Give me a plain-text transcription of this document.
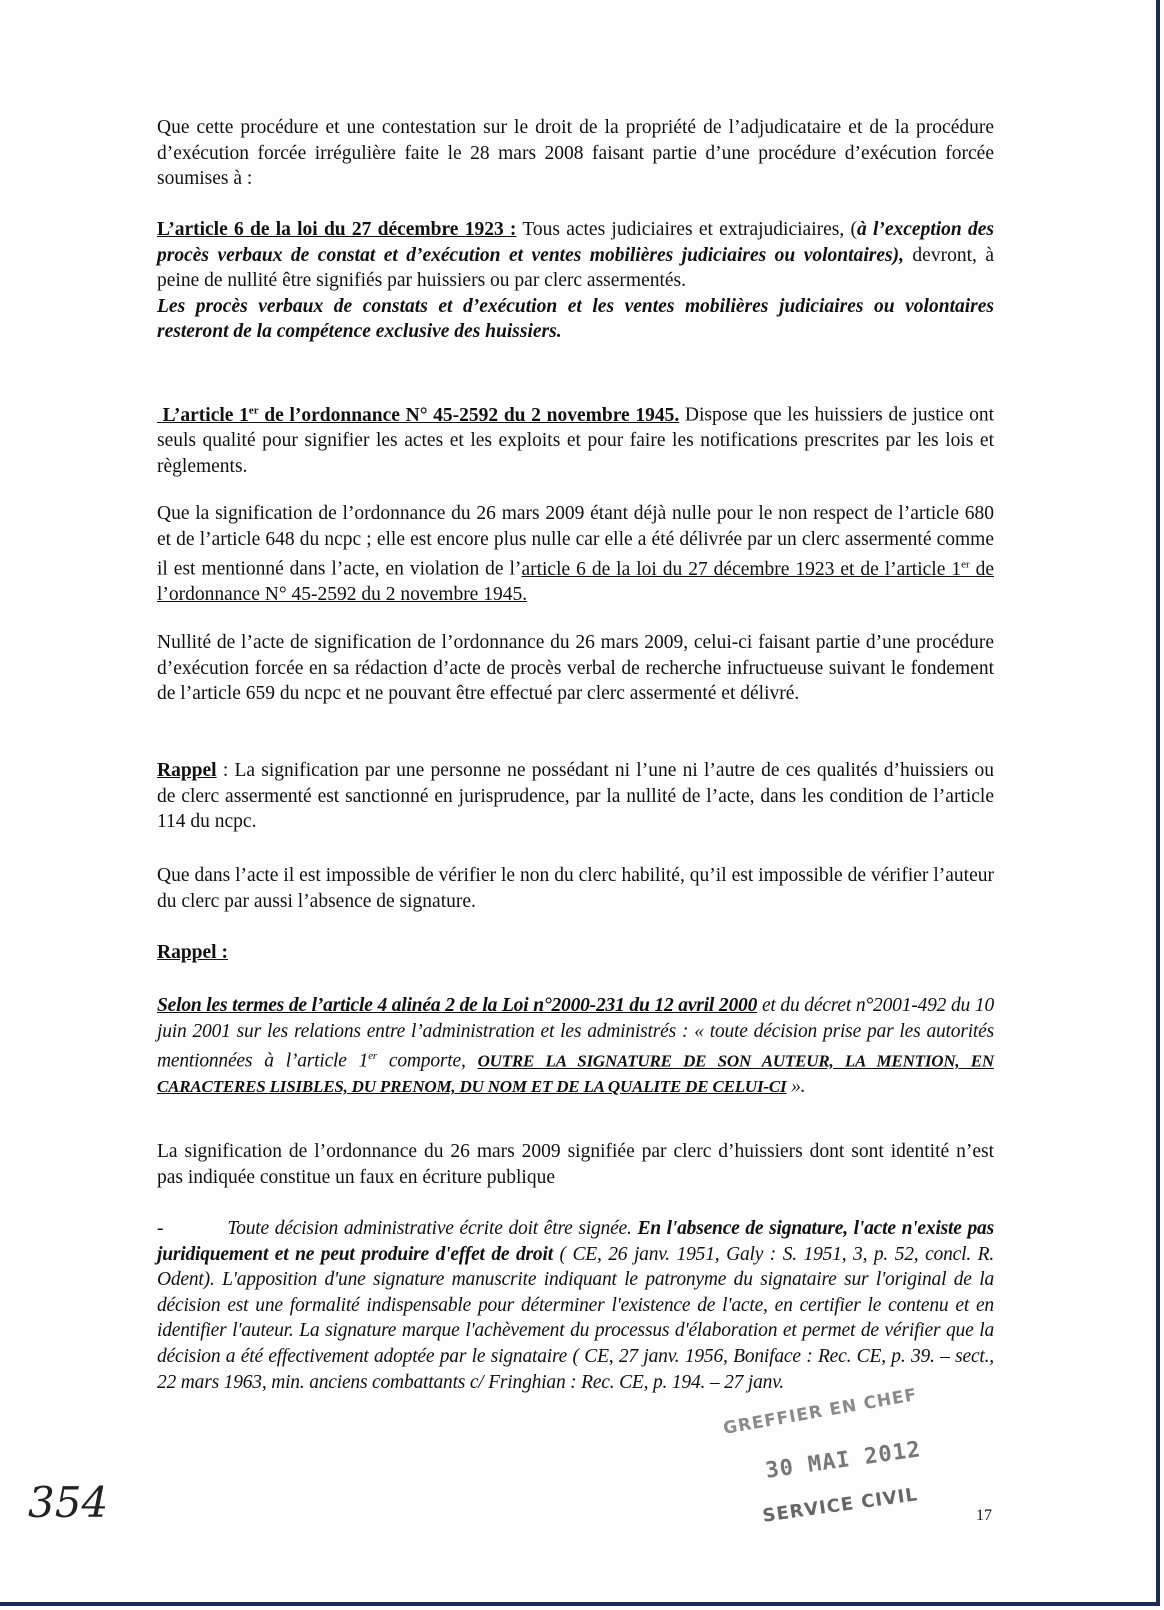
Que cette procédure et une contestation sur le droit de la propriété de l’adjudicataire et de la procédure d’exécution forcée irrégulière faite le 28 mars 2008 faisant partie d’une procédure d’exécution forcée soumises à :
L’article 6 de la loi du 27 décembre 1923 : Tous actes judiciaires et extrajudiciaires, (à l’exception des procès verbaux de constat et d’exécution et ventes mobilières judiciaires ou volontaires), devront, à peine de nullité être signifiés par huissiers ou par clerc assermentés.
Les procès verbaux de constats et d’exécution et les ventes mobilières judiciaires ou volontaires resteront de la compétence exclusive des huissiers.
L’article 1er de l’ordonnance N° 45-2592 du 2 novembre 1945. Dispose que les huissiers de justice ont seuls qualité pour signifier les actes et les exploits et pour faire les notifications prescrites par les lois et règlements.
Que la signification de l’ordonnance du 26 mars 2009 étant déjà nulle pour le non respect de l’article 680 et de l’article 648 du ncpc ; elle est encore plus nulle car elle a été délivrée par un clerc assermenté comme il est mentionné dans l’acte, en violation de l’article 6 de la loi du 27 décembre 1923 et de l’article 1er de l’ordonnance N° 45-2592 du 2 novembre 1945.
Nullité de l’acte de signification de l’ordonnance du 26 mars 2009, celui-ci faisant partie d’une procédure d’exécution forcée en sa rédaction d’acte de procès verbal de recherche infructueuse suivant le fondement de l’article 659 du ncpc et ne pouvant être effectué par clerc assermenté et délivré.
Rappel : La signification par une personne ne possédant ni l’une ni l’autre de ces qualités d’huissiers ou de clerc assermenté est sanctionné en jurisprudence, par la nullité de l’acte, dans les condition de l’article 114 du ncpc.
Que dans l’acte il est impossible de vérifier le non du clerc habilité, qu’il est impossible de vérifier l’auteur du clerc par aussi l’absence de signature.
Rappel :
Selon les termes de l’article 4 alinéa 2 de la Loi n°2000-231 du 12 avril 2000 et du décret n°2001-492 du 10 juin 2001 sur les relations entre l’administration et les administrés : « toute décision prise par les autorités mentionnées à l’article 1er comporte, OUTRE LA SIGNATURE DE SON AUTEUR, LA MENTION, EN CARACTERES LISIBLES, DU PRENOM, DU NOM ET DE LA QUALITE DE CELUI-CI ».
La signification de l’ordonnance du 26 mars 2009 signifiée par clerc d’huissiers dont sont identité n’est pas indiquée constitue un faux en écriture publique
-	Toute décision administrative écrite doit être signée. En l'absence de signature, l'acte n'existe pas juridiquement et ne peut produire d'effet de droit ( CE, 26 janv. 1951, Galy : S. 1951, 3, p. 52, concl. R. Odent). L'apposition d'une signature manuscrite indiquant le patronyme du signataire sur l'original de la décision est une formalité indispensable pour déterminer l'existence de l'acte, en certifier le contenu et en identifier l'auteur. La signature marque l'achèvement du processus d'élaboration et permet de vérifier que la décision a été effectivement adoptée par le signataire ( CE, 27 janv. 1956, Boniface : Rec. CE, p. 39. – sect., 22 mars 1963, min. anciens combattants c/ Fringhian : Rec. CE, p. 194. – 27 janv.
GREFFIER EN CHEF
30 MAI 2012
SERVICE CIVIL
354	17
